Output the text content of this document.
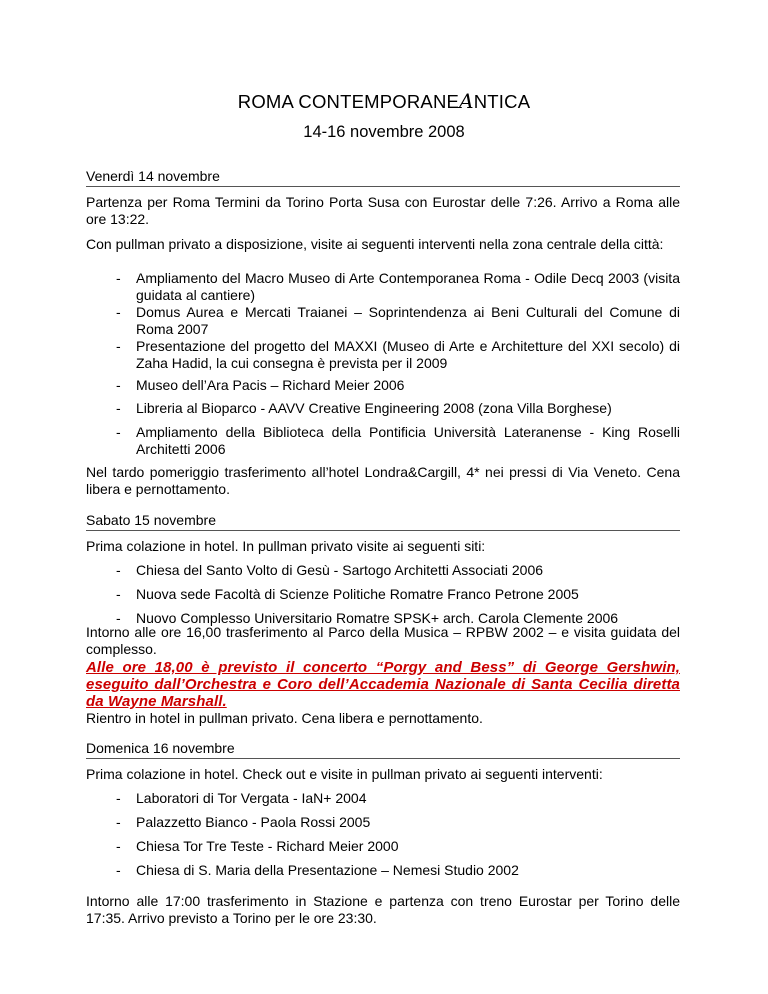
ROMA CONTEMPORANEANTICA
14-16 novembre 2008
Venerdì 14 novembre
Partenza per Roma Termini da Torino Porta Susa con Eurostar delle 7:26. Arrivo a Roma alle ore 13:22.
Con pullman privato a disposizione, visite ai seguenti interventi nella zona centrale della città:
- Ampliamento del Macro Museo di Arte Contemporanea Roma - Odile Decq 2003 (visita guidata al cantiere)
- Domus Aurea e Mercati Traianei – Soprintendenza ai Beni Culturali del Comune di Roma 2007
- Presentazione del progetto del MAXXI (Museo di Arte e Architetture del XXI secolo) di Zaha Hadid, la cui consegna è prevista per il 2009
- Museo dell’Ara Pacis – Richard Meier 2006
- Libreria al Bioparco - AAVV Creative Engineering 2008 (zona Villa Borghese)
- Ampliamento della Biblioteca della Pontificia Università Lateranense - King Roselli Architetti 2006
Nel tardo pomeriggio trasferimento all’hotel Londra&Cargill, 4* nei pressi di Via Veneto. Cena libera e pernottamento.
Sabato 15 novembre
Prima colazione in hotel. In pullman privato visite ai seguenti siti:
- Chiesa del Santo Volto di Gesù - Sartogo Architetti Associati 2006
- Nuova sede Facoltà di Scienze Politiche Romatre Franco Petrone 2005
- Nuovo Complesso Universitario Romatre SPSK+ arch. Carola Clemente 2006
Intorno alle ore 16,00 trasferimento al Parco della Musica – RPBW 2002 – e visita guidata del complesso.
Alle ore 18,00 è previsto il concerto “Porgy and Bess” di George Gershwin, eseguito dall’Orchestra e Coro dell’Accademia Nazionale di Santa Cecilia diretta da Wayne Marshall.
Rientro in hotel in pullman privato. Cena libera e pernottamento.
Domenica 16 novembre
Prima colazione in hotel. Check out e visite in pullman privato ai seguenti interventi:
- Laboratori di Tor Vergata - IaN+ 2004
- Palazzetto Bianco - Paola Rossi 2005
- Chiesa Tor Tre Teste - Richard Meier 2000
- Chiesa di S. Maria della Presentazione – Nemesi Studio 2002
Intorno alle 17:00 trasferimento in Stazione e partenza con treno Eurostar per Torino delle 17:35. Arrivo previsto a Torino per le ore 23:30.
